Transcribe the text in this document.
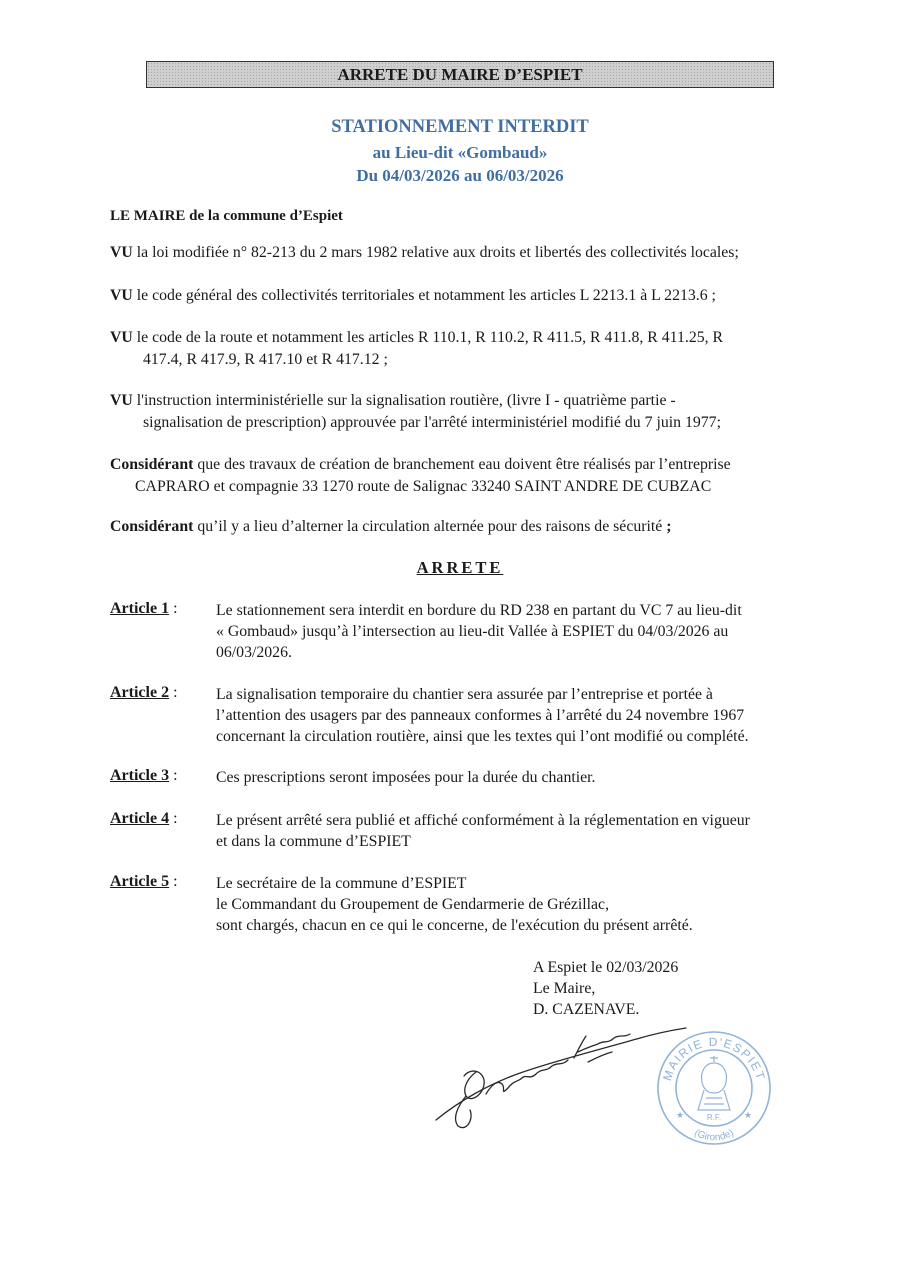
ARRETE DU MAIRE D’ESPIET
STATIONNEMENT INTERDIT
au Lieu-dit «Gombaud»
Du 04/03/2026 au 06/03/2026
LE MAIRE de la commune d’Espiet
VU la loi modifiée n° 82-213 du 2 mars 1982 relative aux droits et libertés des collectivités locales;
VU le code général des collectivités territoriales et notamment les articles L 2213.1 à L 2213.6 ;
VU le code de la route et notamment les articles R 110.1, R 110.2, R 411.5, R 411.8, R 411.25, R
417.4, R 417.9, R 417.10 et R 417.12 ;
VU l'instruction interministérielle sur la signalisation routière, (livre I - quatrième partie -
signalisation de prescription) approuvée par l'arrêté interministériel modifié du 7 juin 1977;
Considérant que des travaux de création de branchement eau doivent être réalisés par l’entreprise
CAPRARO et compagnie 33 1270 route de Salignac 33240 SAINT ANDRE DE CUBZAC
Considérant qu’il y a lieu d’alterner la circulation alternée pour des raisons de sécurité ;
ARRETE
Article 1 :	Le stationnement sera interdit en bordure du RD 238 en partant du VC 7 au lieu-dit
« Gombaud» jusqu’à l’intersection au lieu-dit Vallée à ESPIET du 04/03/2026 au
06/03/2026.
Article 2 :	La signalisation temporaire du chantier sera assurée par l’entreprise et portée à
l’attention des usagers par des panneaux conformes à l’arrêté du 24 novembre 1967
concernant la circulation routière, ainsi que les textes qui l’ont modifié ou complété.
Article 3 :	Ces prescriptions seront imposées pour la durée du chantier.
Article 4 :	Le présent arrêté sera publié et affiché conformément à la réglementation en vigueur
et dans la commune d’ESPIET
Article 5 :	Le secrétaire de la commune d’ESPIET
le Commandant du Groupement de Gendarmerie de Grézillac,
sont chargés, chacun en ce qui le concerne, de l'exécution du présent arrêté.
A Espiet le 02/03/2026
Le Maire,
D. CAZENAVE.
MAIRIE D'ESPIET
R.F.
★	★
(Gironde)
